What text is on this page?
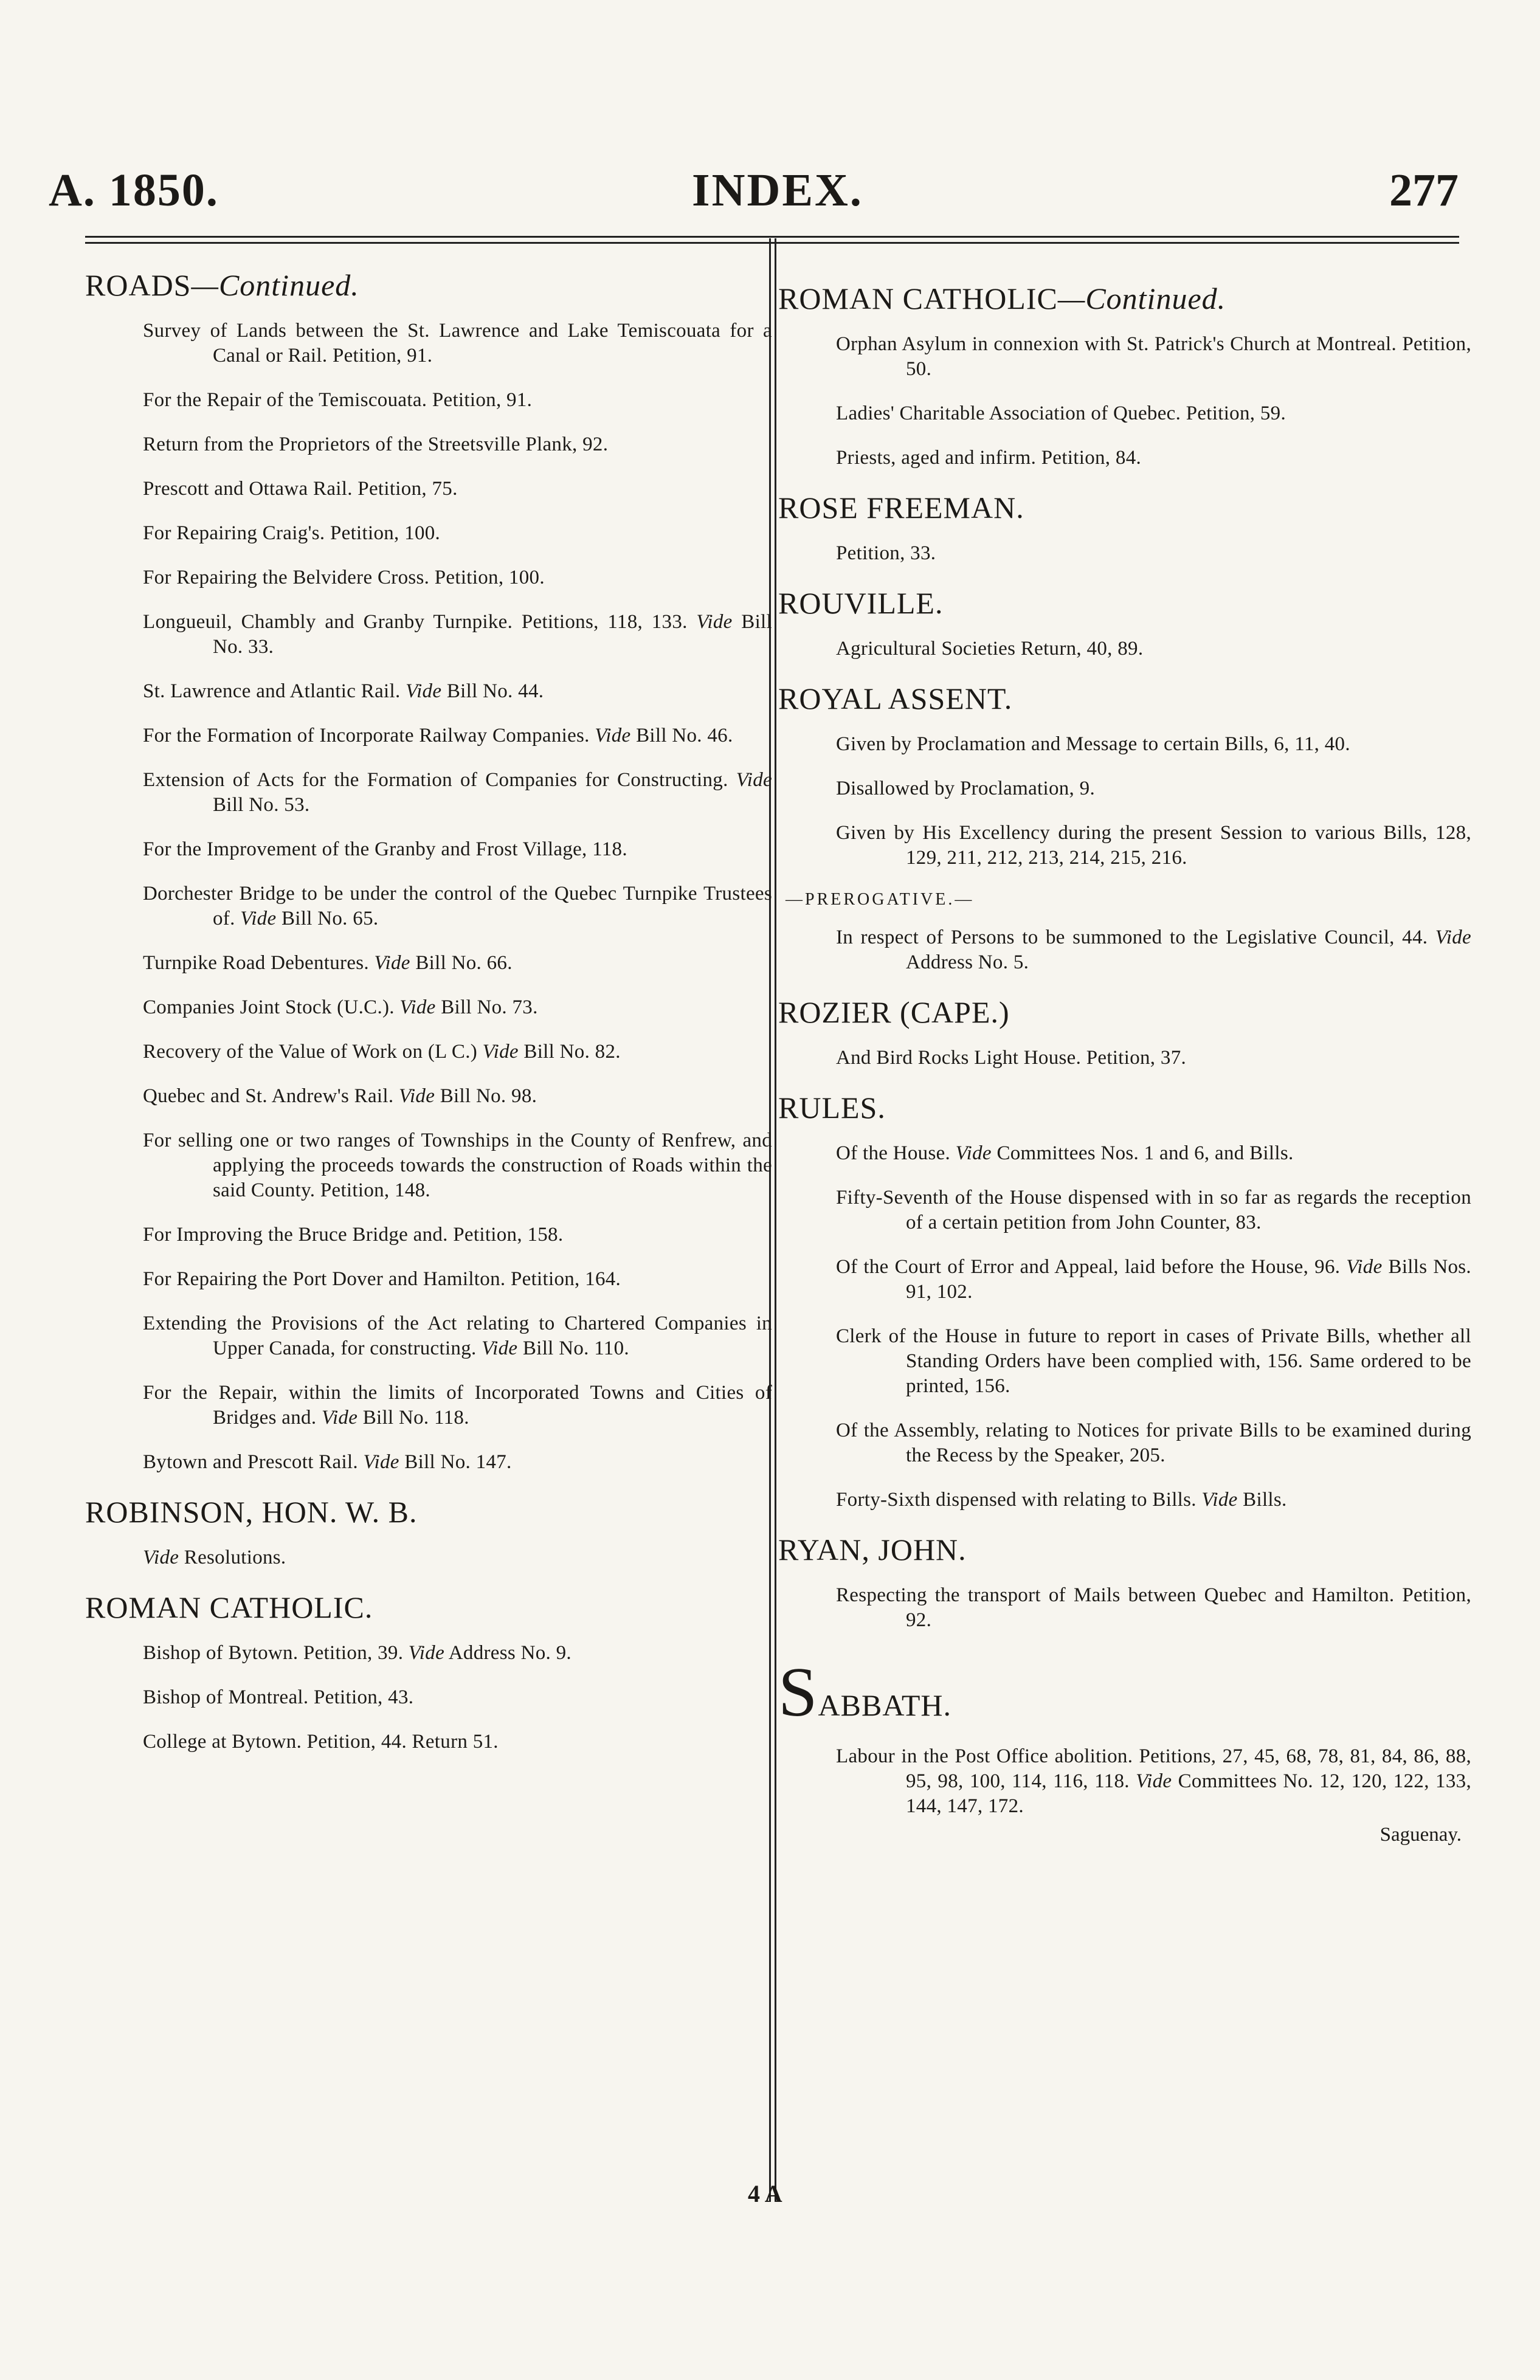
A. 1850.	INDEX.	277
ROADS—Continued.
Survey of Lands between the St. Lawrence and Lake Temiscouata for a Canal or Rail. Petition, 91.
For the Repair of the Temiscouata. Petition, 91.
Return from the Proprietors of the Streetsville Plank, 92.
Prescott and Ottawa Rail. Petition, 75.
For Repairing Craig's. Petition, 100.
For Repairing the Belvidere Cross. Petition, 100.
Longueuil, Chambly and Granby Turnpike. Petitions, 118, 133. Vide Bill No. 33.
St. Lawrence and Atlantic Rail. Vide Bill No. 44.
For the Formation of Incorporate Railway Companies. Vide Bill No. 46.
Extension of Acts for the Formation of Companies for Constructing. Vide Bill No. 53.
For the Improvement of the Granby and Frost Village, 118.
Dorchester Bridge to be under the control of the Quebec Turnpike Trustees of. Vide Bill No. 65.
Turnpike Road Debentures. Vide Bill No. 66.
Companies Joint Stock (U.C.). Vide Bill No. 73.
Recovery of the Value of Work on (L C.) Vide Bill No. 82.
Quebec and St. Andrew's Rail. Vide Bill No. 98.
For selling one or two ranges of Townships in the County of Renfrew, and applying the proceeds towards the construction of Roads within the said County. Petition, 148.
For Improving the Bruce Bridge and. Petition, 158.
For Repairing the Port Dover and Hamilton. Petition, 164.
Extending the Provisions of the Act relating to Chartered Companies in Upper Canada, for constructing. Vide Bill No. 110.
For the Repair, within the limits of Incorporated Towns and Cities of Bridges and. Vide Bill No. 118.
Bytown and Prescott Rail. Vide Bill No. 147.
ROBINSON, HON. W. B.
Vide Resolutions.
ROMAN CATHOLIC.
Bishop of Bytown. Petition, 39. Vide Address No. 9.
Bishop of Montreal. Petition, 43.
College at Bytown. Petition, 44. Return 51.
ROMAN CATHOLIC—Continued.
Orphan Asylum in connexion with St. Patrick's Church at Montreal. Petition, 50.
Ladies' Charitable Association of Quebec. Petition, 59.
Priests, aged and infirm. Petition, 84.
ROSE FREEMAN.
Petition, 33.
ROUVILLE.
Agricultural Societies Return, 40, 89.
ROYAL ASSENT.
Given by Proclamation and Message to certain Bills, 6, 11, 40.
Disallowed by Proclamation, 9.
Given by His Excellency during the present Session to various Bills, 128, 129, 211, 212, 213, 214, 215, 216.
—PREROGATIVE.—
In respect of Persons to be summoned to the Legislative Council, 44. Vide Address No. 5.
ROZIER (CAPE.)
And Bird Rocks Light House. Petition, 37.
RULES.
Of the House. Vide Committees Nos. 1 and 6, and Bills.
Fifty-Seventh of the House dispensed with in so far as regards the reception of a certain petition from John Counter, 83.
Of the Court of Error and Appeal, laid before the House, 96. Vide Bills Nos. 91, 102.
Clerk of the House in future to report in cases of Private Bills, whether all Standing Orders have been complied with, 156. Same ordered to be printed, 156.
Of the Assembly, relating to Notices for private Bills to be examined during the Recess by the Speaker, 205.
Forty-Sixth dispensed with relating to Bills. Vide Bills.
RYAN, JOHN.
Respecting the transport of Mails between Quebec and Hamilton. Petition, 92.
SABBATH.
Labour in the Post Office abolition. Petitions, 27, 45, 68, 78, 81, 84, 86, 88, 95, 98, 100, 114, 116, 118. Vide Committees No. 12, 120, 122, 133, 144, 147, 172.
Saguenay.
4 A
